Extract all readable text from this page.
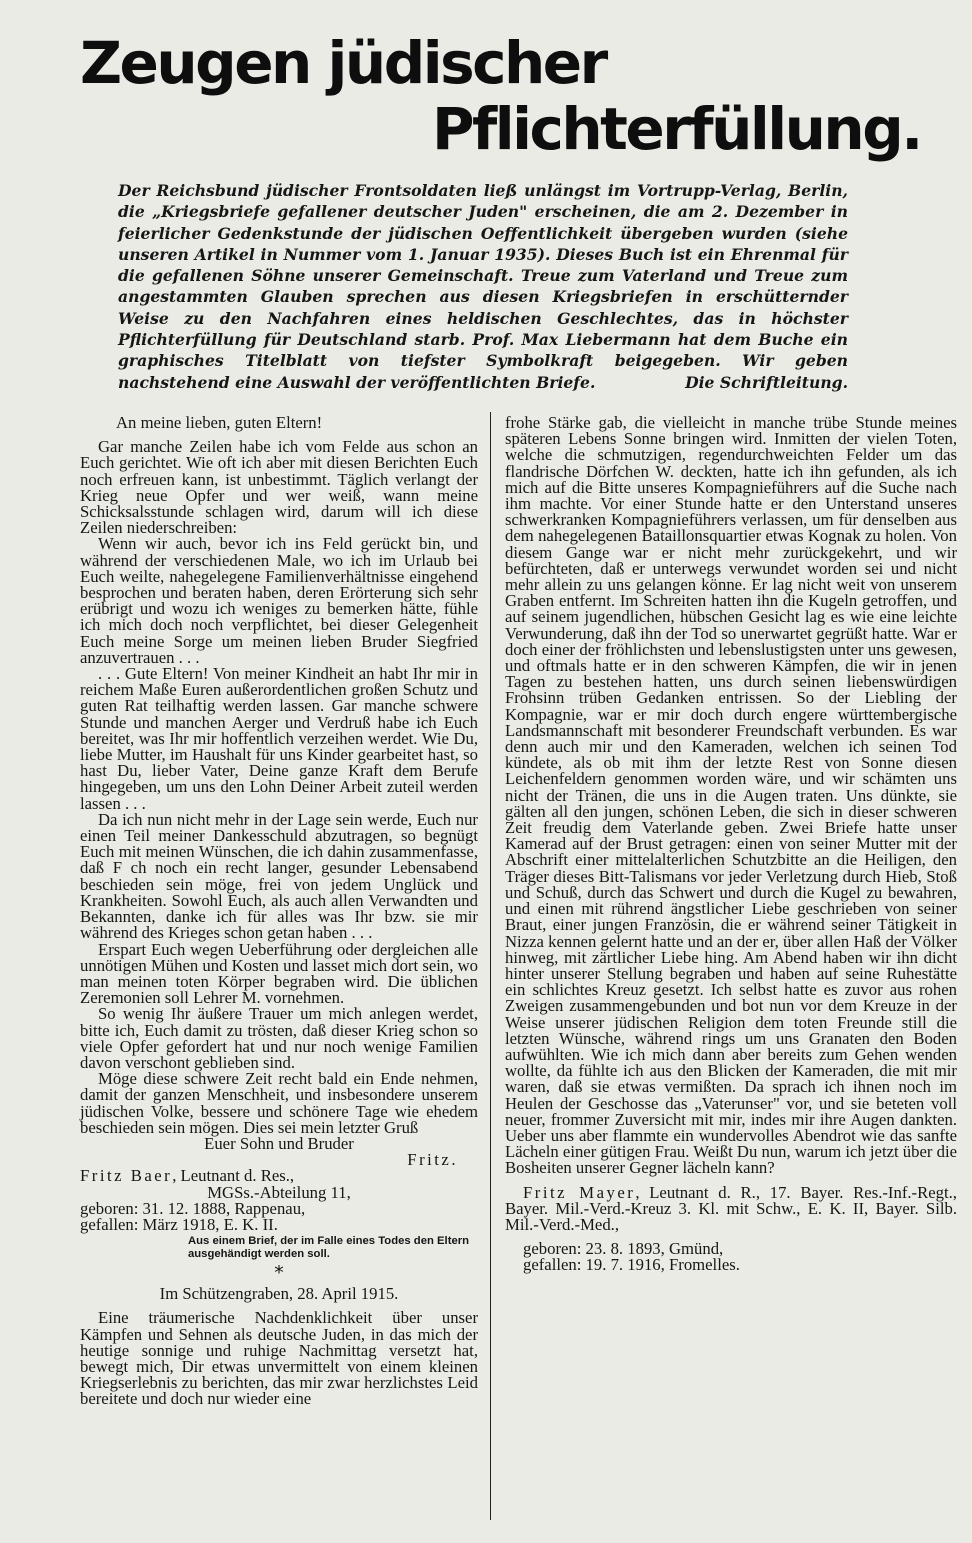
Zeugen jüdischer
Pflichterfüllung.

Der Reichsbund jüdischer Frontsoldaten ließ unlängst im Vortrupp-Verlag, Berlin, die „Kriegsbriefe gefallener deutscher Juden" erscheinen, die am 2. Dezember in feierlicher Gedenkstunde der jüdischen Oeffentlichkeit übergeben wurden (siehe unseren Artikel in Nummer vom 1. Januar 1935). Dieses Buch ist ein Ehrenmal für die gefallenen Söhne unserer Gemeinschaft. Treue zum Vaterland und Treue zum angestammten Glauben sprechen aus diesen Kriegsbriefen in erschütternder Weise zu den Nachfahren eines heldischen Geschlechtes, das in höchster Pflichterfüllung für Deutschland starb. Prof. Max Liebermann hat dem Buche ein graphisches Titelblatt von tiefster Symbolkraft beigegeben. Wir geben nachstehend eine Auswahl der veröffentlichten Briefe.	Die Schriftleitung.

An meine lieben, guten Eltern!

Gar manche Zeilen habe ich vom Felde aus schon an Euch gerichtet. Wie oft ich aber mit diesen Berichten Euch noch erfreuen kann, ist unbestimmt. Täglich verlangt der Krieg neue Opfer und wer weiß, wann meine Schicksalsstunde schlagen wird, darum will ich diese Zeilen niederschreiben:

Wenn wir auch, bevor ich ins Feld gerückt bin, und während der verschiedenen Male, wo ich im Urlaub bei Euch weilte, nahegelegene Familienverhältnisse eingehend besprochen und beraten haben, deren Erörterung sich sehr erübrigt und wozu ich weniges zu bemerken hätte, fühle ich mich doch noch verpflichtet, bei dieser Gelegenheit Euch meine Sorge um meinen lieben Bruder Siegfried anzuvertrauen . . .

. . . Gute Eltern! Von meiner Kindheit an habt Ihr mir in reichem Maße Euren außerordentlichen großen Schutz und guten Rat teilhaftig werden lassen. Gar manche schwere Stunde und manchen Aerger und Verdruß habe ich Euch bereitet, was Ihr mir hoffentlich verzeihen werdet. Wie Du, liebe Mutter, im Haushalt für uns Kinder gearbeitet hast, so hast Du, lieber Vater, Deine ganze Kraft dem Berufe hingegeben, um uns den Lohn Deiner Arbeit zuteil werden lassen . . .

Da ich nun nicht mehr in der Lage sein werde, Euch nur einen Teil meiner Dankesschuld abzutragen, so begnügt Euch mit meinen Wünschen, die ich dahin zusammenfasse, daß F ch noch ein recht langer, gesunder Lebensabend beschieden sein möge, frei von jedem Unglück und Krankheiten. Sowohl Euch, als auch allen Verwandten und Bekannten, danke ich für alles was Ihr bzw. sie mir während des Krieges schon getan haben . . .

Erspart Euch wegen Ueberführung oder dergleichen alle unnötigen Mühen und Kosten und lasset mich dort sein, wo man meinen toten Körper begraben wird. Die üblichen Zeremonien soll Lehrer M. vornehmen.

So wenig Ihr äußere Trauer um mich anlegen werdet, bitte ich, Euch damit zu trösten, daß dieser Krieg schon so viele Opfer gefordert hat und nur noch wenige Familien davon verschont geblieben sind.

Möge diese schwere Zeit recht bald ein Ende nehmen, damit der ganzen Menschheit, und insbesondere unserem jüdischen Volke, bessere und schönere Tage wie ehedem beschieden sein mögen. Dies sei mein letzter Gruß

Euer Sohn und Bruder

Fritz.

Fritz Baer, Leutnant d. Res.,

MGSs.-Abteilung 11,

geboren: 31. 12. 1888, Rappenau,

gefallen: März 1918, E. K. II.

Aus einem Brief, der im Falle eines Todes den Eltern ausgehändigt werden soll.

*

Im Schützengraben, 28. April 1915.

Eine träumerische Nachdenklichkeit über unser Kämpfen und Sehnen als deutsche Juden, in das mich der heutige sonnige und ruhige Nachmittag versetzt hat, bewegt mich, Dir etwas unvermittelt von einem kleinen Kriegserlebnis zu berichten, das mir zwar herzlichstes Leid bereitete und doch nur wieder eine

frohe Stärke gab, die vielleicht in manche trübe Stunde meines späteren Lebens Sonne bringen wird. Inmitten der vielen Toten, welche die schmutzigen, regendurchweichten Felder um das flandrische Dörfchen W. deckten, hatte ich ihn gefunden, als ich mich auf die Bitte unseres Kompagnieführers auf die Suche nach ihm machte. Vor einer Stunde hatte er den Unterstand unseres schwerkranken Kompagnieführers verlassen, um für denselben aus dem nahegelegenen Bataillonsquartier etwas Kognak zu holen. Von diesem Gange war er nicht mehr zurückgekehrt, und wir befürchteten, daß er unterwegs verwundet worden sei und nicht mehr allein zu uns gelangen könne. Er lag nicht weit von unserem Graben entfernt. Im Schreiten hatten ihn die Kugeln getroffen, und auf seinem jugendlichen, hübschen Gesicht lag es wie eine leichte Verwunderung, daß ihn der Tod so unerwartet gegrüßt hatte. War er doch einer der fröhlichsten und lebenslustigsten unter uns gewesen, und oftmals hatte er in den schweren Kämpfen, die wir in jenen Tagen zu bestehen hatten, uns durch seinen liebenswürdigen Frohsinn trüben Gedanken entrissen. So der Liebling der Kompagnie, war er mir doch durch engere württembergische Landsmannschaft mit besonderer Freundschaft verbunden. Es war denn auch mir und den Kameraden, welchen ich seinen Tod kündete, als ob mit ihm der letzte Rest von Sonne diesen Leichenfeldern genommen worden wäre, und wir schämten uns nicht der Tränen, die uns in die Augen traten. Uns dünkte, sie gälten all den jungen, schönen Leben, die sich in dieser schweren Zeit freudig dem Vaterlande geben. Zwei Briefe hatte unser Kamerad auf der Brust getragen: einen von seiner Mutter mit der Abschrift einer mittelalterlichen Schutzbitte an die Heiligen, den Träger dieses Bitt-Talismans vor jeder Verletzung durch Hieb, Stoß und Schuß, durch das Schwert und durch die Kugel zu bewahren, und einen mit rührend ängstlicher Liebe geschrieben von seiner Braut, einer jungen Französin, die er während seiner Tätigkeit in Nizza kennen gelernt hatte und an der er, über allen Haß der Völker hinweg, mit zärtlicher Liebe hing. Am Abend haben wir ihn dicht hinter unserer Stellung begraben und haben auf seine Ruhestätte ein schlichtes Kreuz gesetzt. Ich selbst hatte es zuvor aus rohen Zweigen zusammengebunden und bot nun vor dem Kreuze in der Weise unserer jüdischen Religion dem toten Freunde still die letzten Wünsche, während rings um uns Granaten den Boden aufwühlten. Wie ich mich dann aber bereits zum Gehen wenden wollte, da fühlte ich aus den Blicken der Kameraden, die mit mir waren, daß sie etwas vermißten. Da sprach ich ihnen noch im Heulen der Geschosse das „Vaterunser" vor, und sie beteten voll neuer, frommer Zuversicht mit mir, indes mir ihre Augen dankten. Ueber uns aber flammte ein wundervolles Abendrot wie das sanfte Lächeln einer gütigen Frau. Weißt Du nun, warum ich jetzt über die Bosheiten unserer Gegner lächeln kann?

Fritz Mayer, Leutnant d. R., 17. Bayer. Res.-Inf.-Regt., Bayer. Mil.-Verd.-Kreuz 3. Kl. mit Schw., E. K. II, Bayer. Silb. Mil.-Verd.-Med.,

geboren: 23. 8. 1893, Gmünd,

gefallen: 19. 7. 1916, Fromelles.
